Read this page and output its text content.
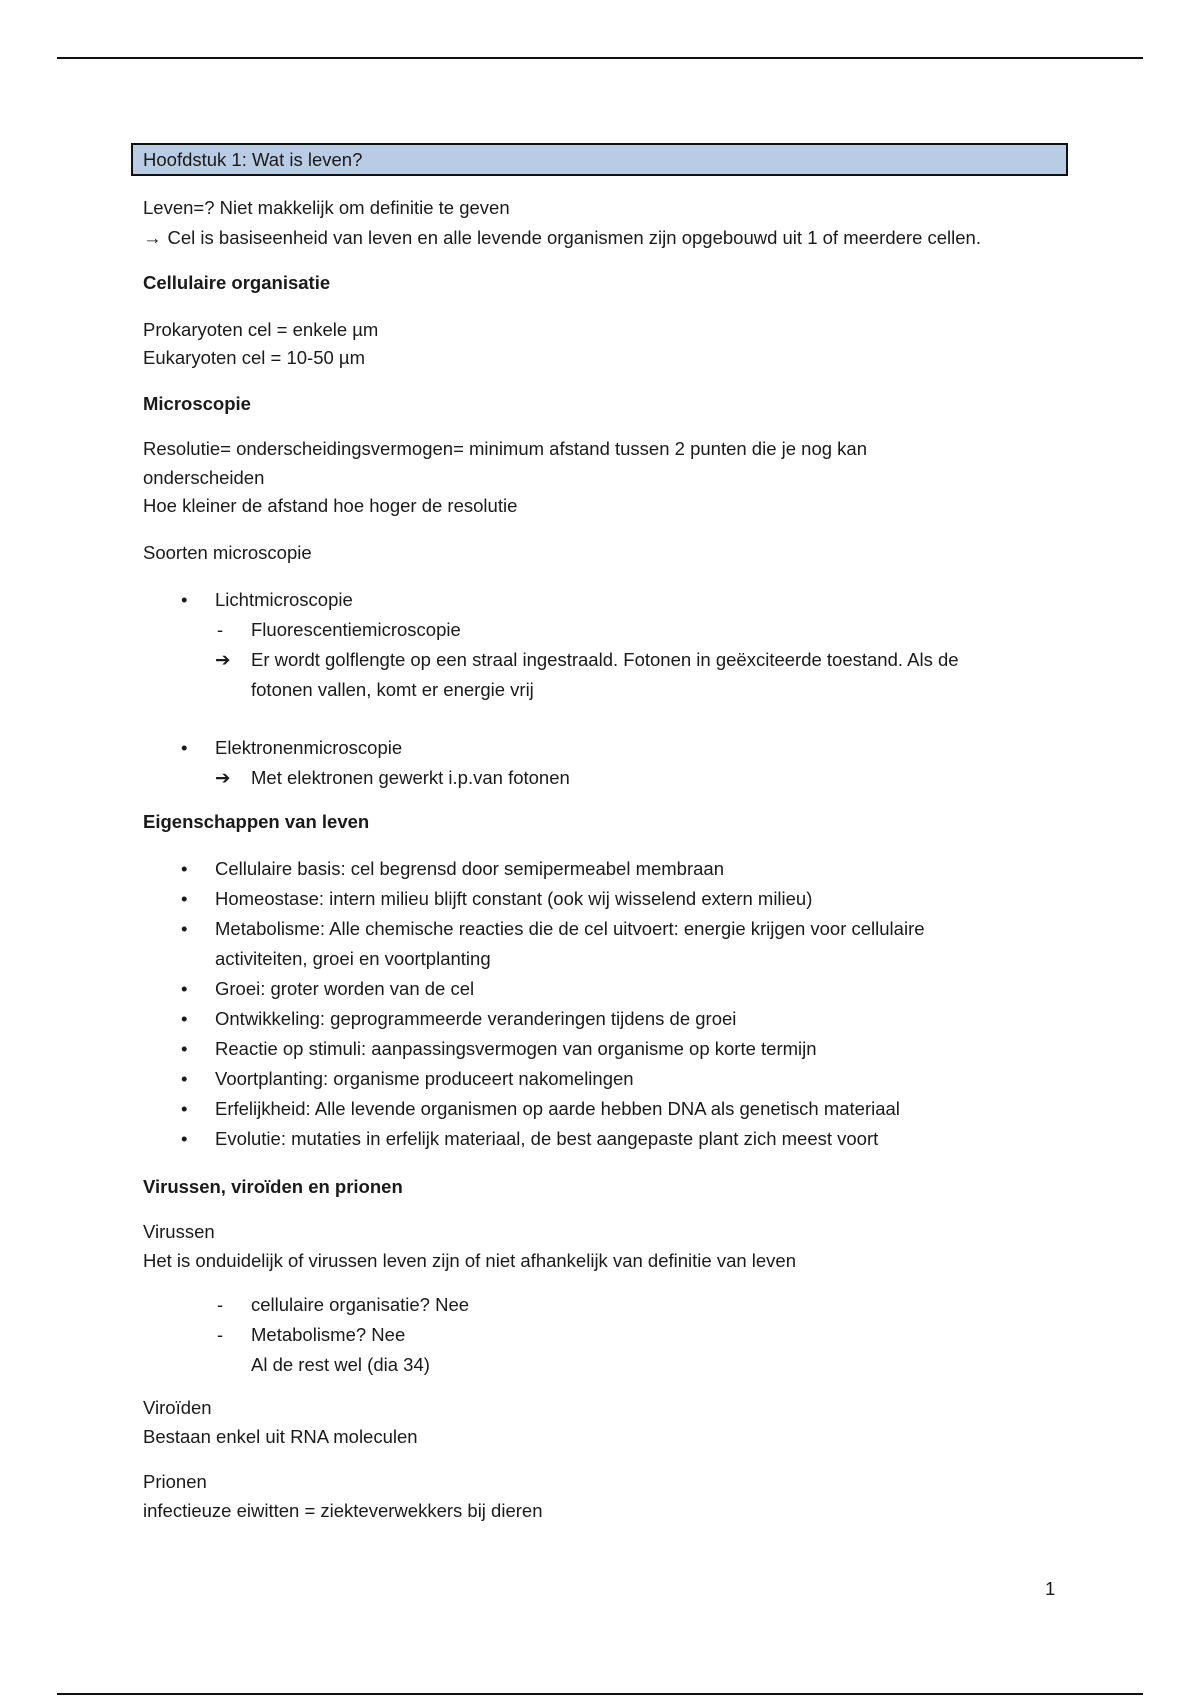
Hoofdstuk 1: Wat is leven?

Leven=? Niet makkelijk om definitie te geven

→ Cel is basiseenheid van leven en alle levende organismen zijn opgebouwd uit 1 of meerdere cellen.

Cellulaire organisatie

Prokaryoten cel = enkele µm

Eukaryoten cel = 10-50 µm

Microscopie

Resolutie= onderscheidingsvermogen= minimum afstand tussen 2 punten die je nog kan

onderscheiden

Hoe kleiner de afstand hoe hoger de resolutie

Soorten microscopie

• Lichtmicroscopie
- Fluorescentiemicroscopie
➔ Er wordt golflengte op een straal ingestraald. Fotonen in geëxciteerde toestand. Als de
fotonen vallen, komt er energie vrij
• Elektronenmicroscopie
➔ Met elektronen gewerkt i.p.van fotonen

Eigenschappen van leven

• Cellulaire basis: cel begrensd door semipermeabel membraan
• Homeostase: intern milieu blijft constant (ook wij wisselend extern milieu)
• Metabolisme: Alle chemische reacties die de cel uitvoert: energie krijgen voor cellulaire
activiteiten, groei en voortplanting
• Groei: groter worden van de cel
• Ontwikkeling: geprogrammeerde veranderingen tijdens de groei
• Reactie op stimuli: aanpassingsvermogen van organisme op korte termijn
• Voortplanting: organisme produceert nakomelingen
• Erfelijkheid: Alle levende organismen op aarde hebben DNA als genetisch materiaal
• Evolutie: mutaties in erfelijk materiaal, de best aangepaste plant zich meest voort

Virussen, viroïden en prionen

Virussen

Het is onduidelijk of virussen leven zijn of niet afhankelijk van definitie van leven

- cellulaire organisatie? Nee
- Metabolisme? Nee
Al de rest wel (dia 34)

Viroïden

Bestaan enkel uit RNA moleculen

Prionen

infectieuze eiwitten = ziekteverwekkers bij dieren

1
